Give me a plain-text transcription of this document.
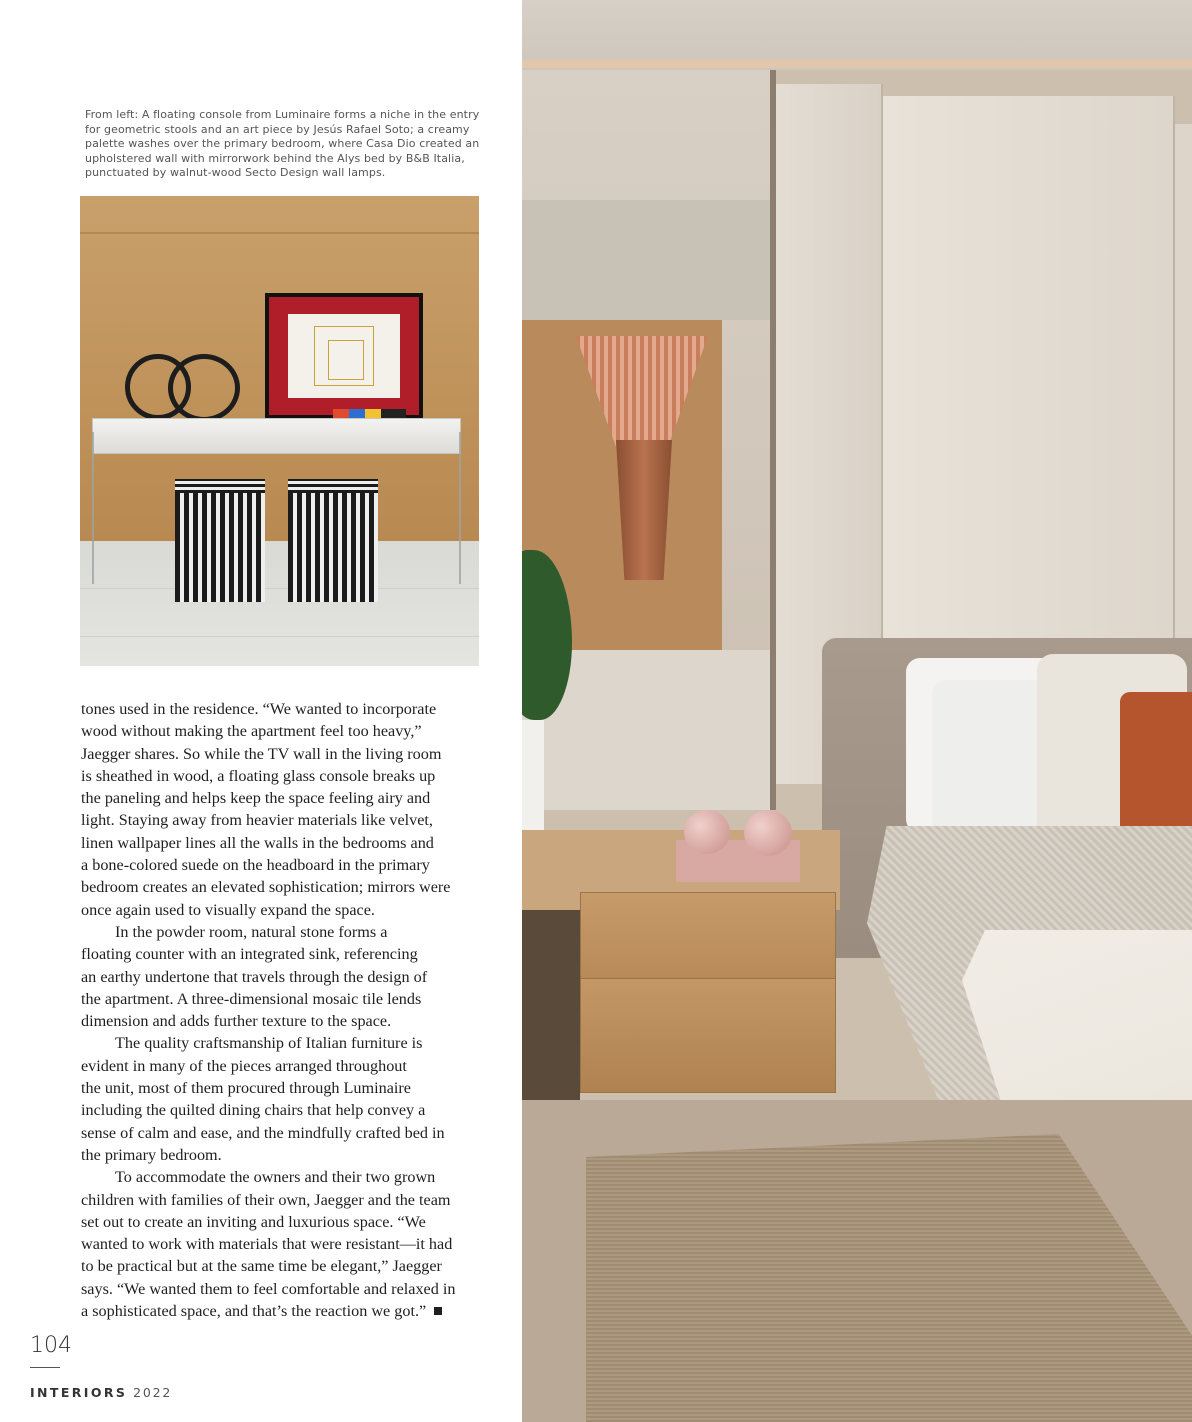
From left: A floating console from Luminaire forms a niche in the entry for geometric stools and an art piece by Jesús Rafael Soto; a creamy palette washes over the primary bedroom, where Casa Dio created an upholstered wall with mirrorwork behind the Alys bed by B&B Italia, punctuated by walnut-wood Secto Design wall lamps.

tones used in the residence. “We wanted to incorporate
wood without making the apartment feel too heavy,”
Jaegger shares. So while the TV wall in the living room
is sheathed in wood, a floating glass console breaks up
the paneling and helps keep the space feeling airy and
light. Staying away from heavier materials like velvet,
linen wallpaper lines all the walls in the bedrooms and
a bone-colored suede on the headboard in the primary
bedroom creates an elevated sophistication; mirrors were
once again used to visually expand the space.

In the powder room, natural stone forms a
floating counter with an integrated sink, referencing
an earthy undertone that travels through the design of
the apartment. A three-dimensional mosaic tile lends
dimension and adds further texture to the space.

The quality craftsmanship of Italian furniture is
evident in many of the pieces arranged throughout
the unit, most of them procured through Luminaire
including the quilted dining chairs that help convey a
sense of calm and ease, and the mindfully crafted bed in
the primary bedroom.

To accommodate the owners and their two grown
children with families of their own, Jaegger and the team
set out to create an inviting and luxurious space. “We
wanted to work with materials that were resistant—it had
to be practical but at the same time be elegant,” Jaegger
says. “We wanted them to feel comfortable and relaxed in
a sophisticated space, and that’s the reaction we got.”

104
INTERIORS 2022
